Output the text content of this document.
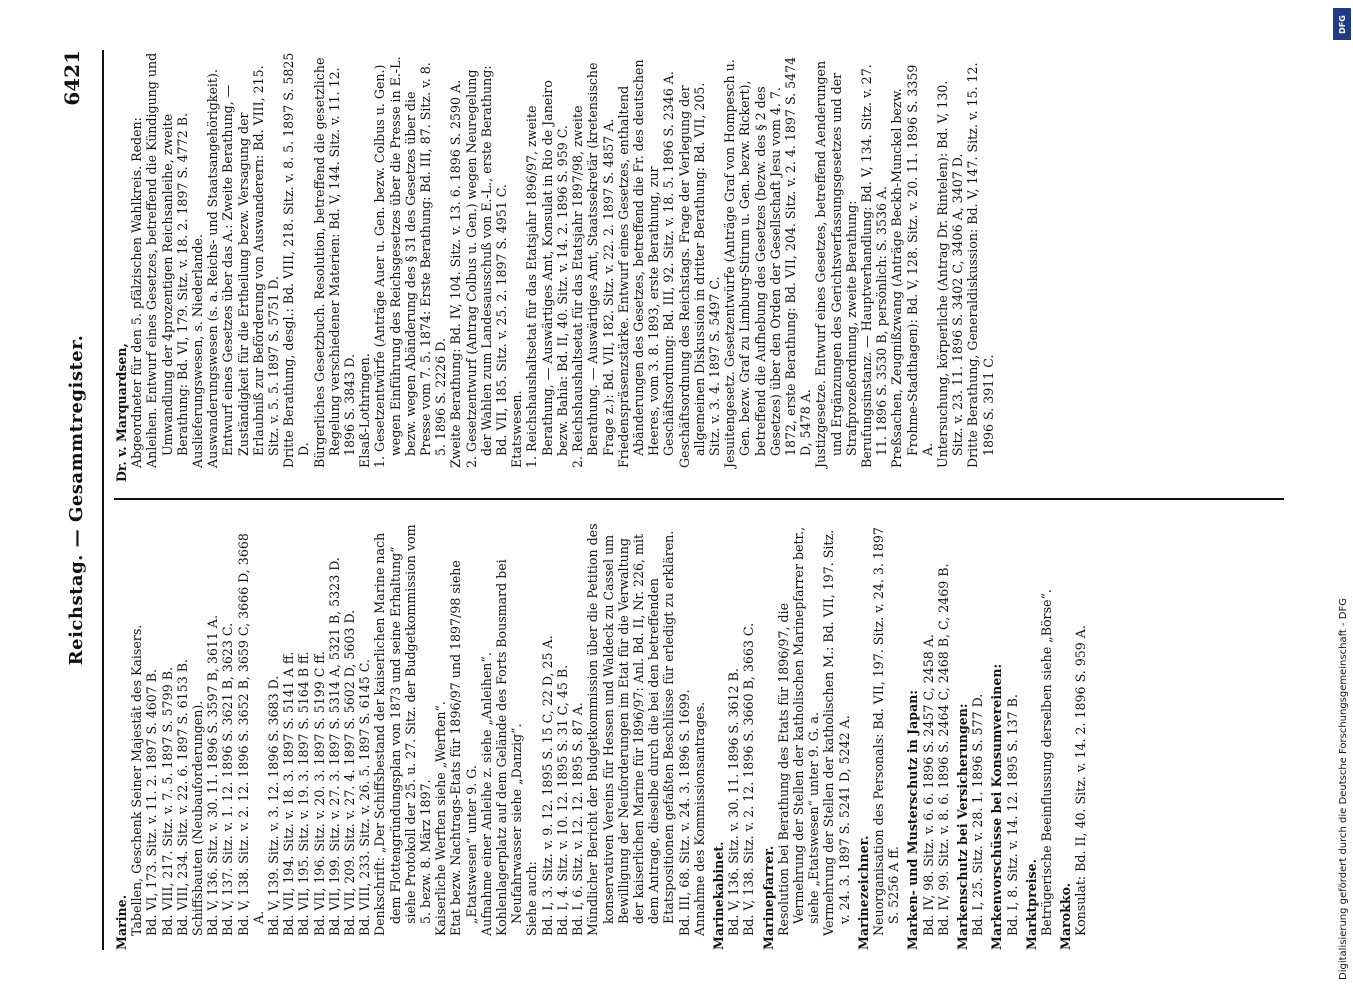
Reichstag. — Gesammtregister.
6421
Marine. Tabellen, Geschenk Seiner Majestät des Kaisers. Bd. VI, 173. Sitz. v. 11. 2. 1897 S. 4607 B. Bd. VIII, 217. Sitz. v. 7. 5. 1897 S. 5799 B. Bd. VIII, 234. Sitz. v. 22. 6. 1897 S. 6153 B. Schiffsbauten (Neubauforderungen). Bd. V, 136. Sitz. v. 30. 11. 1896 S. 3597 B, 3611 A. Bd. V, 137. Sitz. v. 1. 12. 1896 S. 3621 B, 3623 C. Bd. V, 138. Sitz. v. 2. 12. 1896 S. 3652 B, 3659 C, 3666 D, 3668 A. Bd. V, 139. Sitz. v. 3. 12. 1896 S. 3683 D. Bd. VII, 194. Sitz. v. 18. 3. 1897 S. 5141 A ff. Bd. VII, 195. Sitz. v. 19. 3. 1897 S. 5164 B ff. Bd. VII, 196. Sitz. v. 20. 3. 1897 S. 5199 C ff. Bd. VII, 199. Sitz. v. 27. 3. 1897 S. 5314 A, 5321 B, 5323 D. Bd. VII, 209. Sitz. v. 27. 4. 1897 S. 5602 D, 5603 D. Bd. VIII, 233. Sitz. v. 26. 5. 1897 S. 6145 C. Denkschrift: „Der Schiffsbestand der kaiserlichen Marine nach dem Flottengründungsplan von 1873 und seine Erhaltung“ siehe Protokoll der 25. u. 27. Sitz. der Budgetkommission vom 5. bezw. 8. März 1897. Kaiserliche Werften siehe „Werften“. Etat bezw. Nachtrags-Etats für 1896/97 und 1897/98 siehe „Etatswesen“ unter 9. G. Aufnahme einer Anleihe z. siehe „Anleihen“. Kohlenlagerplatz auf dem Gelände des Forts Bousmard bei Neufahrwasser siehe „Danzig“. Siehe auch: Bd. I, 3. Sitz. v. 9. 12. 1895 S. 15 C, 22 D, 25 A. Bd. I, 4. Sitz. v. 10. 12. 1895 S. 31 C, 45 B. Bd. I, 6. Sitz. v. 12. 12. 1895 S. 87 A. Mündlicher Bericht der Budgetkommission über die Petition des konservativen Vereins für Hessen und Waldeck zu Cassel um Bewilligung der Neuforderungen im Etat für die Verwaltung der kaiserlichen Marine für 1896/97: Anl. Bd. II, Nr. 226, mit dem Antrage, dieselbe durch die bei den betreffenden Etatspositionen gefaßten Beschlüsse für erledigt zu erklären. Bd. III, 68. Sitz. v. 24. 3. 1896 S. 1699. Annahme des Kommissionsantrages. Marinekabinet. Bd. V, 136. Sitz. v. 30. 11. 1896 S. 3612 B. Bd. V, 138. Sitz. v. 2. 12. 1896 S. 3660 B, 3663 C. Marinepfarrer. Resolution bei Berathung des Etats für 1896/97, die Vermehrung der Stellen der katholischen Marinepfarrer betr., siehe „Etatswesen“ unter 9. G. a. Vermehrung der Stellen der katholischen M.: Bd. VII, 197. Sitz. v. 24. 3. 1897 S. 5241 D, 5242 A. Marinezeichner. Neuorganisation des Personals: Bd. VII, 197. Sitz. v. 24. 3. 1897 S. 5256 A ff. Marken- und Musterschutz in Japan: Bd. IV, 98. Sitz. v. 6. 6. 1896 S. 2457 C, 2458 A. Bd. IV, 99. Sitz. v. 8. 6. 1896 S. 2464 C, 2468 B, C, 2469 B. Markenschutz bei Versicherungen: Bd. I, 25. Sitz. v. 28. 1. 1896 S. 577 D. Markenvorschüsse bei Konsumvereinen: Bd. I, 8. Sitz. v. 14. 12. 1895 S. 137 B. Marktpreise. Betrügerische Beeinflussung derselben siehe „Börse“. Marokko. Konsulat: Bd. II, 40. Sitz. v. 14. 2. 1896 S. 959 A.
Dr. v. Marquardsen, Abgeordneter für den 5. pfälzischen Wahlkreis. Reden: Anleihen. Entwurf eines Gesetzes, betreffend die Kündigung und Umwandlung der 4prozentigen Reichsanleihe, zweite Berathung: Bd. VI, 179. Sitz. v. 18. 2. 1897 S. 4772 B. Auslieferungswesen, s. Niederlande. Auswanderungswesen (s. a. Reichs- und Staatsangehörigkeit). Entwurf eines Gesetzes über das A.: Zweite Berathung, — Zuständigkeit für die Ertheilung bezw. Versagung der Erlaubniß zur Beförderung von Auswanderern: Bd. VIII, 215. Sitz. v. 5. 5. 1897 S. 5751 D. Dritte Berathung, desgl.: Bd. VIII, 218. Sitz. v. 8. 5. 1897 S. 5825 D. Bürgerliches Gesetzbuch. Resolution, betreffend die gesetzliche Regelung verschiedener Materien: Bd. V, 144. Sitz. v. 11. 12. 1896 S. 3843 D. Elsaß-Lothringen. 1. Gesetzentwürfe (Anträge Auer u. Gen. bezw. Colbus u. Gen.) wegen Einführung des Reichsgesetzes über die Presse in E.-L. bezw. wegen Abänderung des § 31 des Gesetzes über die Presse vom 7. 5. 1874: Erste Berathung: Bd. III, 87. Sitz. v. 8. 5. 1896 S. 2226 D. Zweite Berathung: Bd. IV, 104. Sitz. v. 13. 6. 1896 S. 2590 A. 2. Gesetzentwurf (Antrag Colbus u. Gen.) wegen Neuregelung der Wahlen zum Landesausschuß von E.-L., erste Berathung: Bd. VII, 185. Sitz. v. 25. 2. 1897 S. 4951 C. Etatswesen. 1. Reichshaushaltsetat für das Etatsjahr 1896/97, zweite Berathung, — Auswärtiges Amt, Konsulat in Rio de Janeiro bezw. Bahia: Bd. II, 40. Sitz. v. 14. 2. 1896 S. 959 C. 2. Reichshaushaltsetat für das Etatsjahr 1897/98, zweite Berathung. — Auswärtiges Amt, Staatssekretär (kretensische Frage z.): Bd. VII, 182. Sitz. v. 22. 2. 1897 S. 4857 A. Friedenspräsenzstärke. Entwurf eines Gesetzes, enthaltend Abänderungen des Gesetzes, betreffend die Fr. des deutschen Heeres, vom 3. 8. 1893, erste Berathung, zur Geschäftsordnung: Bd. III, 92. Sitz. v. 18. 5. 1896 S. 2346 A. Geschäftsordnung des Reichstags. Frage der Verlegung der allgemeinen Diskussion in dritter Berathung: Bd. VII, 205. Sitz. v. 3. 4. 1897 S. 5497 C. Jesuitengesetz. Gesetzentwürfe (Anträge Graf von Hompesch u. Gen. bezw. Graf zu Limburg-Stirum u. Gen. bezw. Rickert), betreffend die Aufhebung des Gesetzes (bezw. des § 2 des Gesetzes) über den Orden der Gesellschaft Jesu vom 4. 7. 1872, erste Berathung: Bd. VII, 204. Sitz. v. 2. 4. 1897 S. 5474 D, 5478 A. Justizgesetze. Entwurf eines Gesetzes, betreffend Aenderungen und Ergänzungen des Gerichtsverfassungsgesetzes und der Strafprozeßordnung, zweite Berathung: Berufungsinstanz. — Hauptverhandlung: Bd. V, 134. Sitz. v. 27. 11. 1896 S. 3530 B, persönlich: S. 3536 A. Preßsachen, Zeugnißzwang (Anträge Beckh-Munckel bezw. Frohme-Stadthagen): Bd. V, 128. Sitz. v. 20. 11. 1896 S. 3359 A. Untersuchung, körperliche (Antrag Dr. Rintelen): Bd. V, 130. Sitz. v. 23. 11. 1896 S. 3402 C, 3406 A, 3407 D. Dritte Berathung, Generaldiskussion: Bd. V, 147. Sitz. v. 15. 12. 1896 S. 3911 C.
DFG
Digitalisierung gefördert durch die Deutsche Forschungsgemeinschaft - DFG
